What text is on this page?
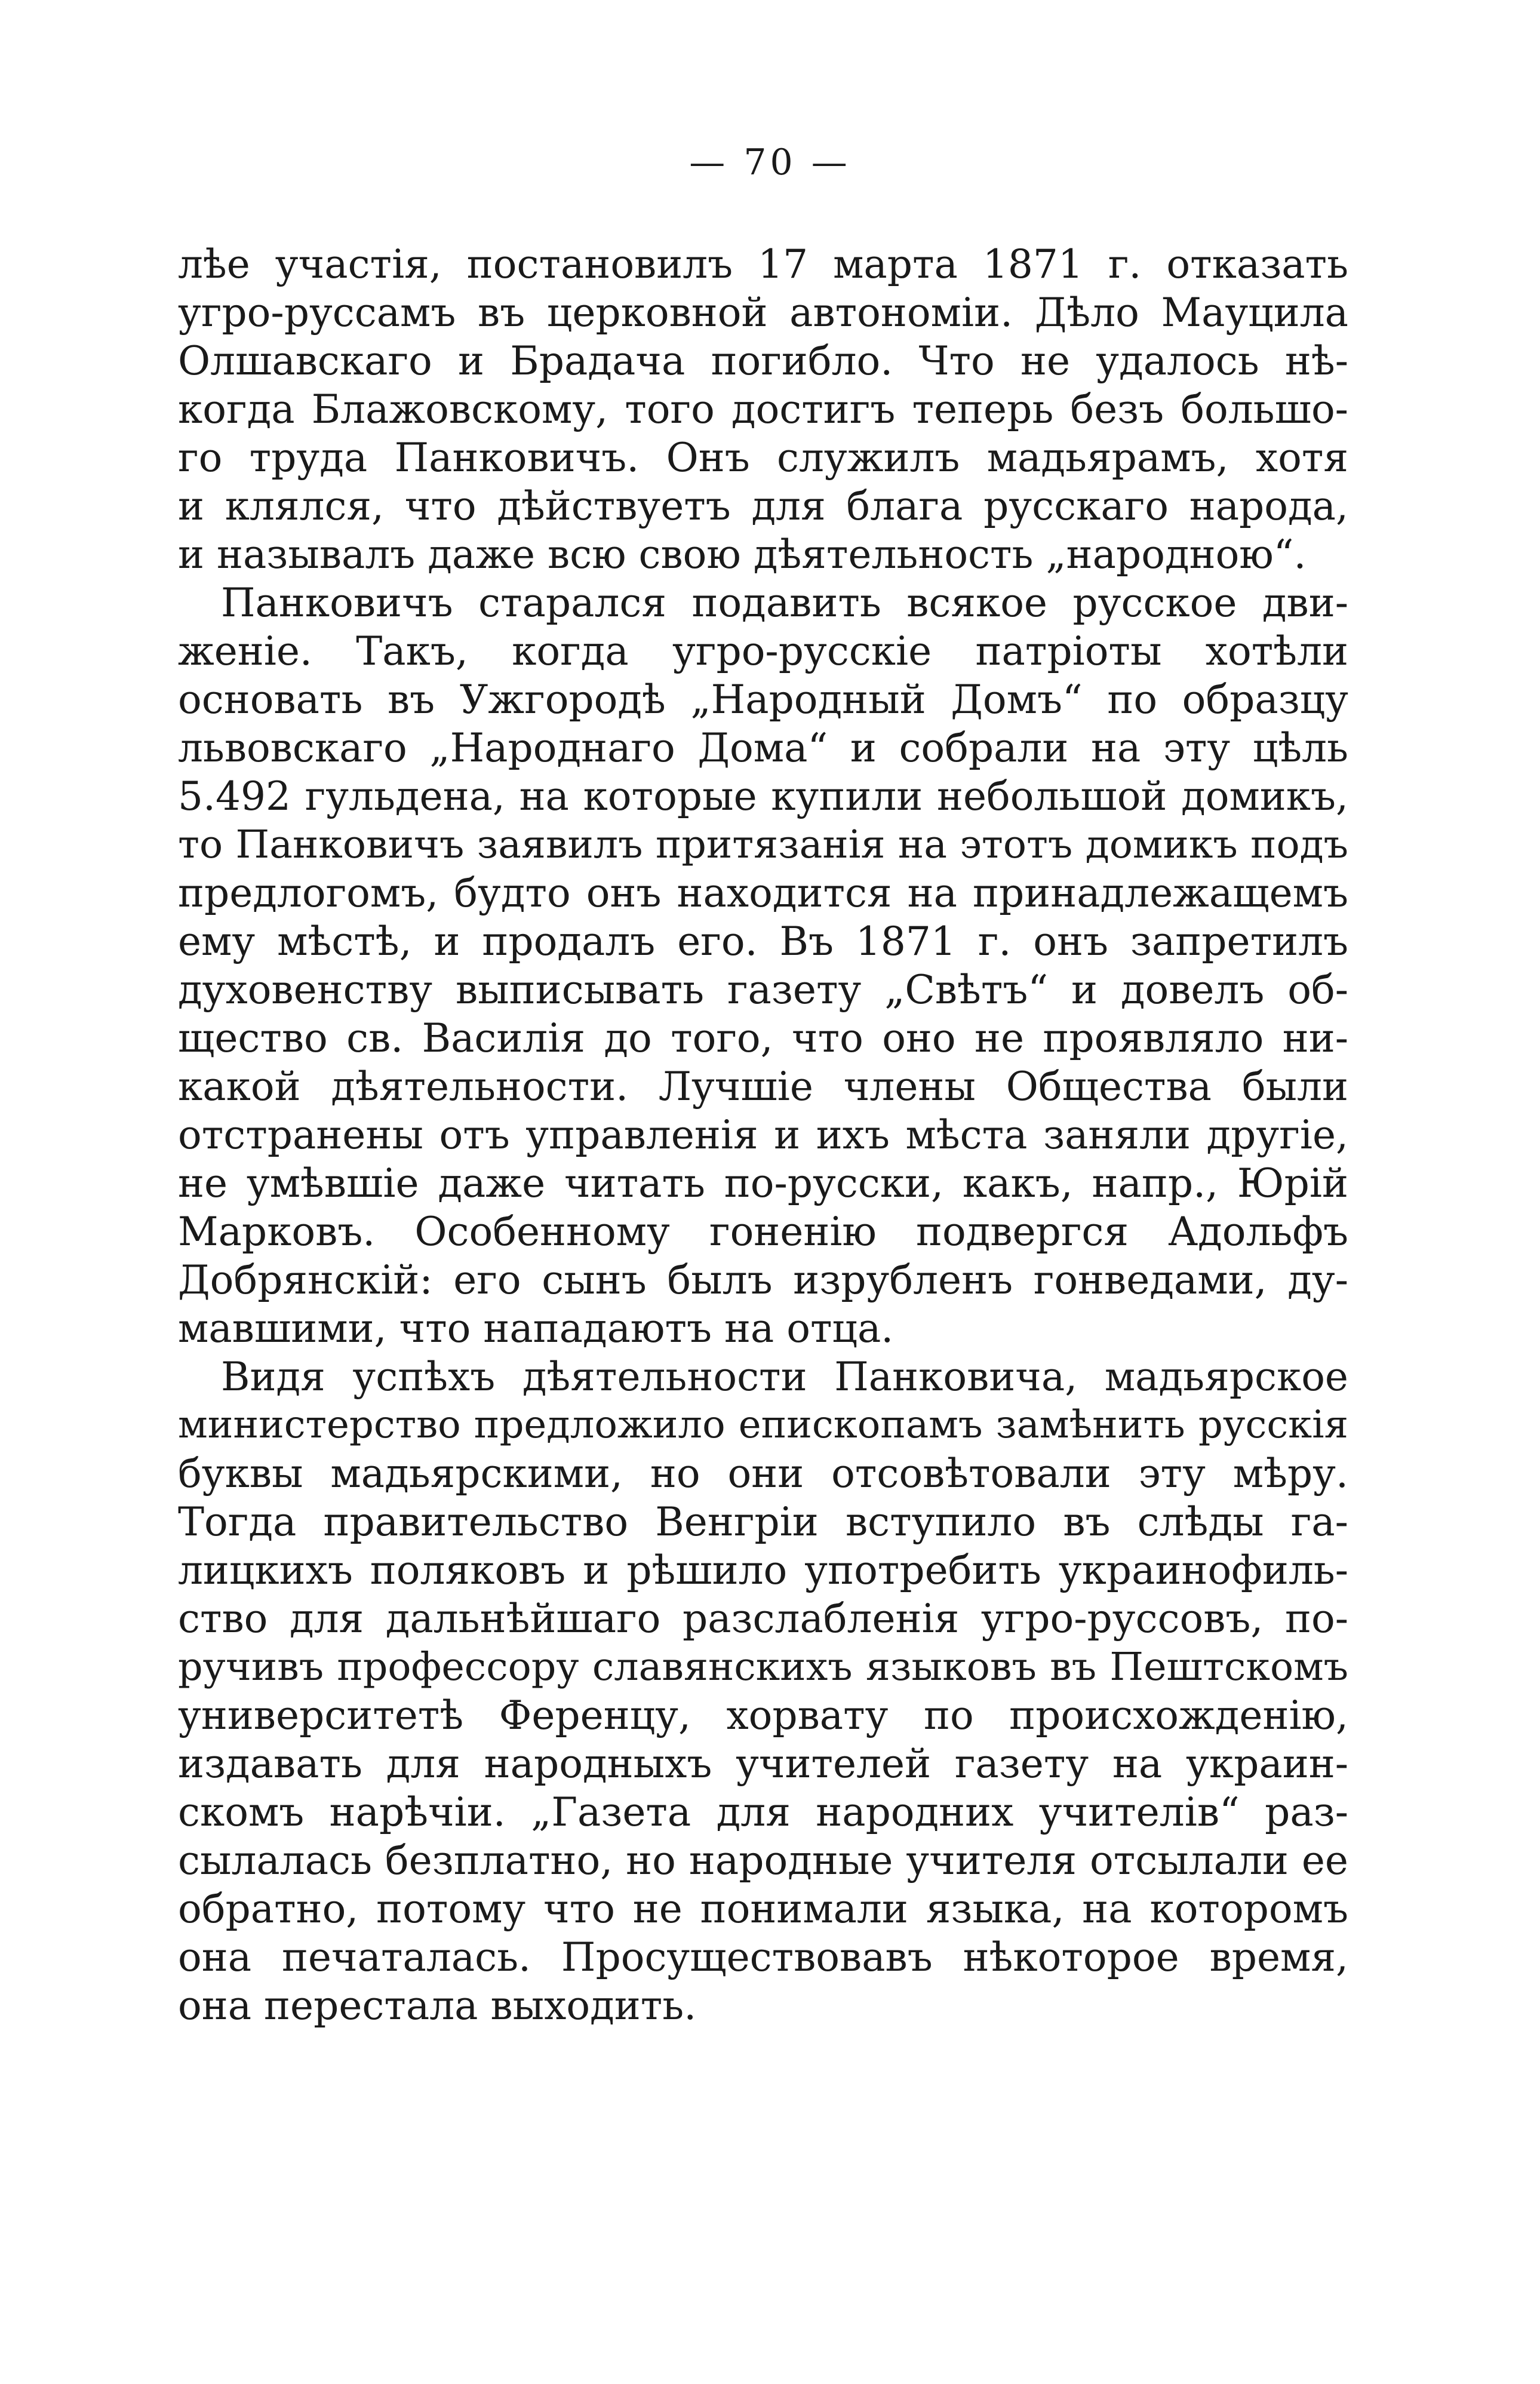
— 70 —
лѣе участія, постановилъ 17 марта 1871 г. отказать
угро-руссамъ въ церковной автономіи. Дѣло Мауцила
Олшавскаго и Брадача погибло. Что не удалось нѣ-
когда Блажовскому, того достигъ теперь безъ большо-
го труда Панковичъ. Онъ служилъ мадьярамъ, хотя
и клялся, что дѣйствуетъ для блага русскаго народа,
и называлъ даже всю свою дѣятельность „народною“.
Панковичъ старался подавить всякое русское дви-
женіе. Такъ, когда угро-русскіе патріоты хотѣли
основать въ Ужгородѣ „Народный Домъ“ по образцу
львовскаго „Народнаго Дома“ и собрали на эту цѣль
5.492 гульдена, на которые купили небольшой домикъ,
то Панковичъ заявилъ притязанія на этотъ домикъ подъ
предлогомъ, будто онъ находится на принадлежащемъ
ему мѣстѣ, и продалъ его. Въ 1871 г. онъ запретилъ
духовенству выписывать газету „Свѣтъ“ и довелъ об-
щество св. Василія до того, что оно не проявляло ни-
какой дѣятельности. Лучшіе члены Общества были
отстранены отъ управленія и ихъ мѣста заняли другіе,
не умѣвшіе даже читать по-русски, какъ, напр., Юрій
Марковъ. Особенному гоненію подвергся Адольфъ
Добрянскій: его сынъ былъ изрубленъ гонведами, ду-
мавшими, что нападаютъ на отца.
Видя успѣхъ дѣятельности Панковича, мадьярское
министерство предложило епископамъ замѣнить русскія
буквы мадьярскими, но они отсовѣтовали эту мѣру.
Тогда правительство Венгріи вступило въ слѣды га-
лицкихъ поляковъ и рѣшило употребить украинофиль-
ство для дальнѣйшаго разслабленія угро-руссовъ, по-
ручивъ профессору славянскихъ языковъ въ Пештскомъ
университетѣ Ференцу, хорвату по происхожденію,
издавать для народныхъ учителей газету на украин-
скомъ нарѣчіи. „Газета для народних учителів“ раз-
сылалась безплатно, но народные учителя отсылали ее
обратно, потому что не понимали языка, на которомъ
она печаталась. Просуществовавъ нѣкоторое время,
она перестала выходить.
